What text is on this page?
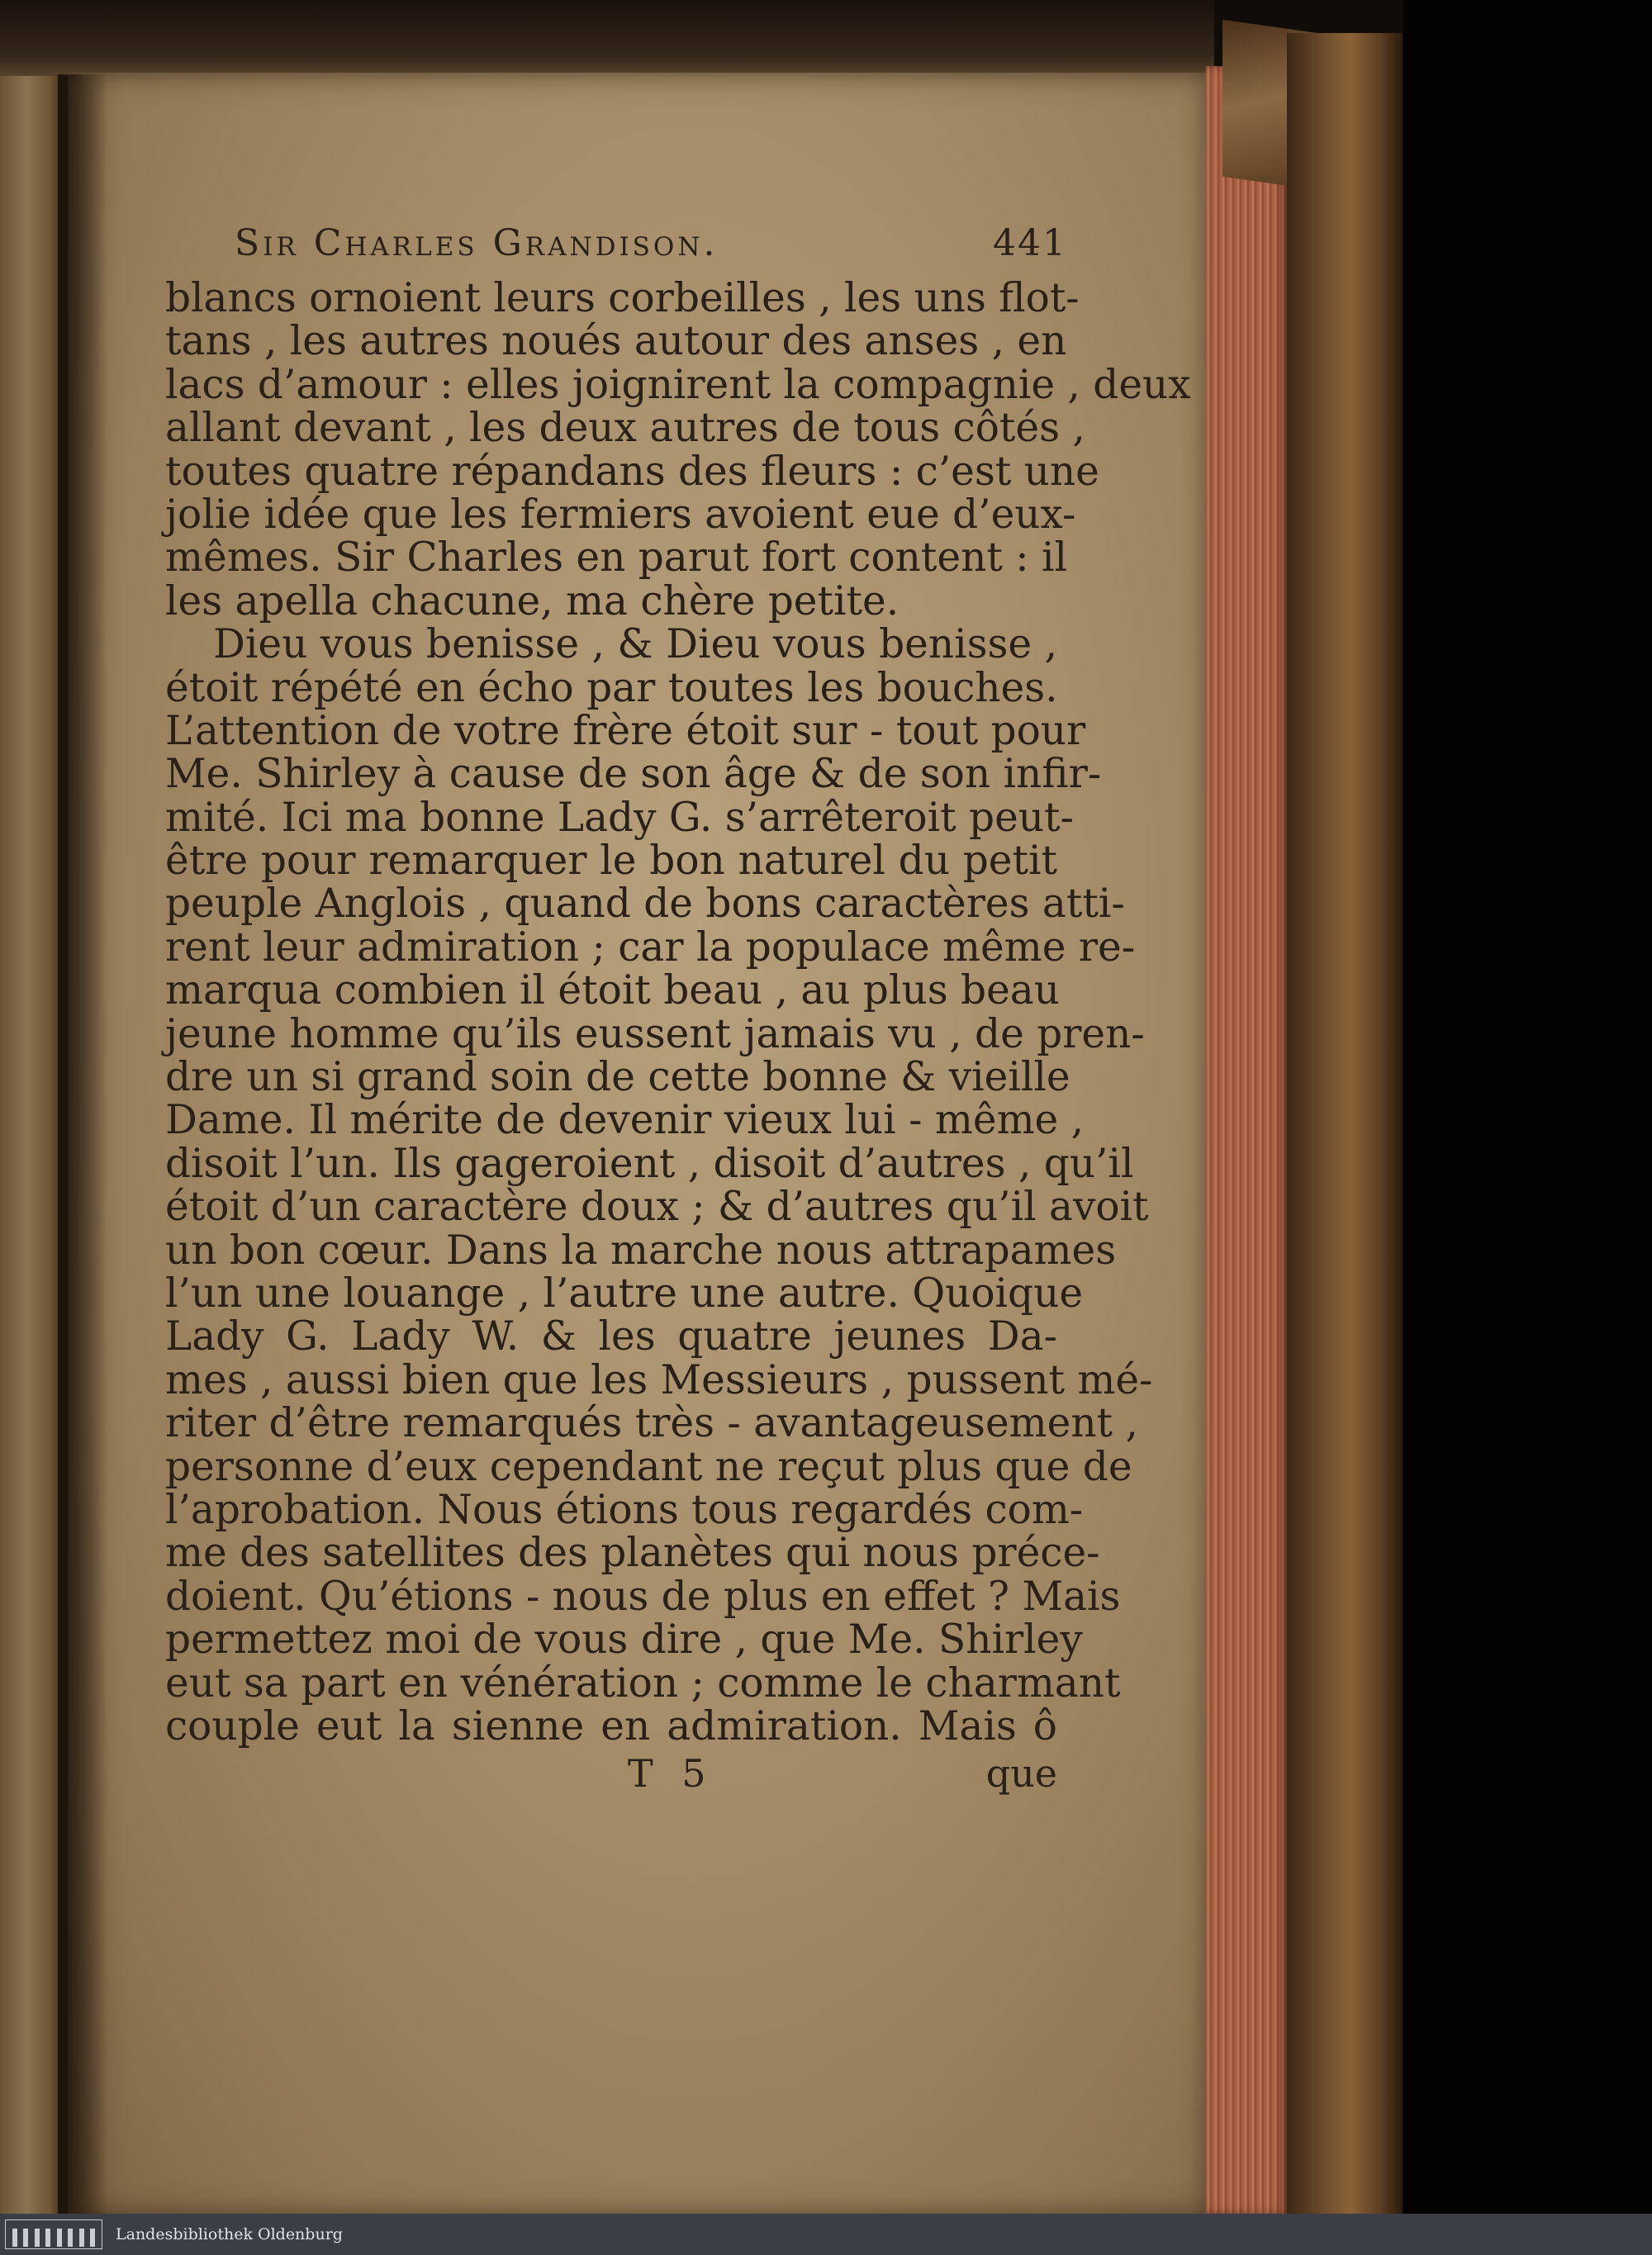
Sir Charles Grandison.	441
blancs ornoient leurs corbeilles , les uns flot-
tans , les autres noués autour des anses , en
lacs d’amour : elles joignirent la compagnie , deux
allant devant , les deux autres de tous côtés ,
toutes quatre répandans des fleurs : c’est une
jolie idée que les fermiers avoient eue d’eux-
mêmes. Sir Charles en parut fort content : il
les apella chacune, ma chère petite.
Dieu vous benisse , & Dieu vous benisse ,
étoit répété en écho par toutes les bouches.
L’attention de votre frère étoit sur - tout pour
Me. Shirley à cause de son âge & de son infir-
mité. Ici ma bonne Lady G. s’arrêteroit peut-
être pour remarquer le bon naturel du petit
peuple Anglois , quand de bons caractères atti-
rent leur admiration ; car la populace même re-
marqua combien il étoit beau , au plus beau
jeune homme qu’ils eussent jamais vu , de pren-
dre un si grand soin de cette bonne & vieille
Dame. Il mérite de devenir vieux lui - même ,
disoit l’un. Ils gageroient , disoit d’autres , qu’il
étoit d’un caractère doux ; & d’autres qu’il avoit
un bon cœur. Dans la marche nous attrapames
l’un une louange , l’autre une autre. Quoique
Lady G. Lady W. & les quatre jeunes Da-
mes , aussi bien que les Messieurs , pussent mé-
riter d’être remarqués très - avantageusement ,
personne d’eux cependant ne reçut plus que de
l’aprobation. Nous étions tous regardés com-
me des satellites des planètes qui nous préce-
doient. Qu’étions - nous de plus en effet ? Mais
permettez moi de vous dire , que Me. Shirley
eut sa part en vénération ; comme le charmant
couple eut la sienne en admiration. Mais ô
T 5	que
Landesbibliothek Oldenburg
